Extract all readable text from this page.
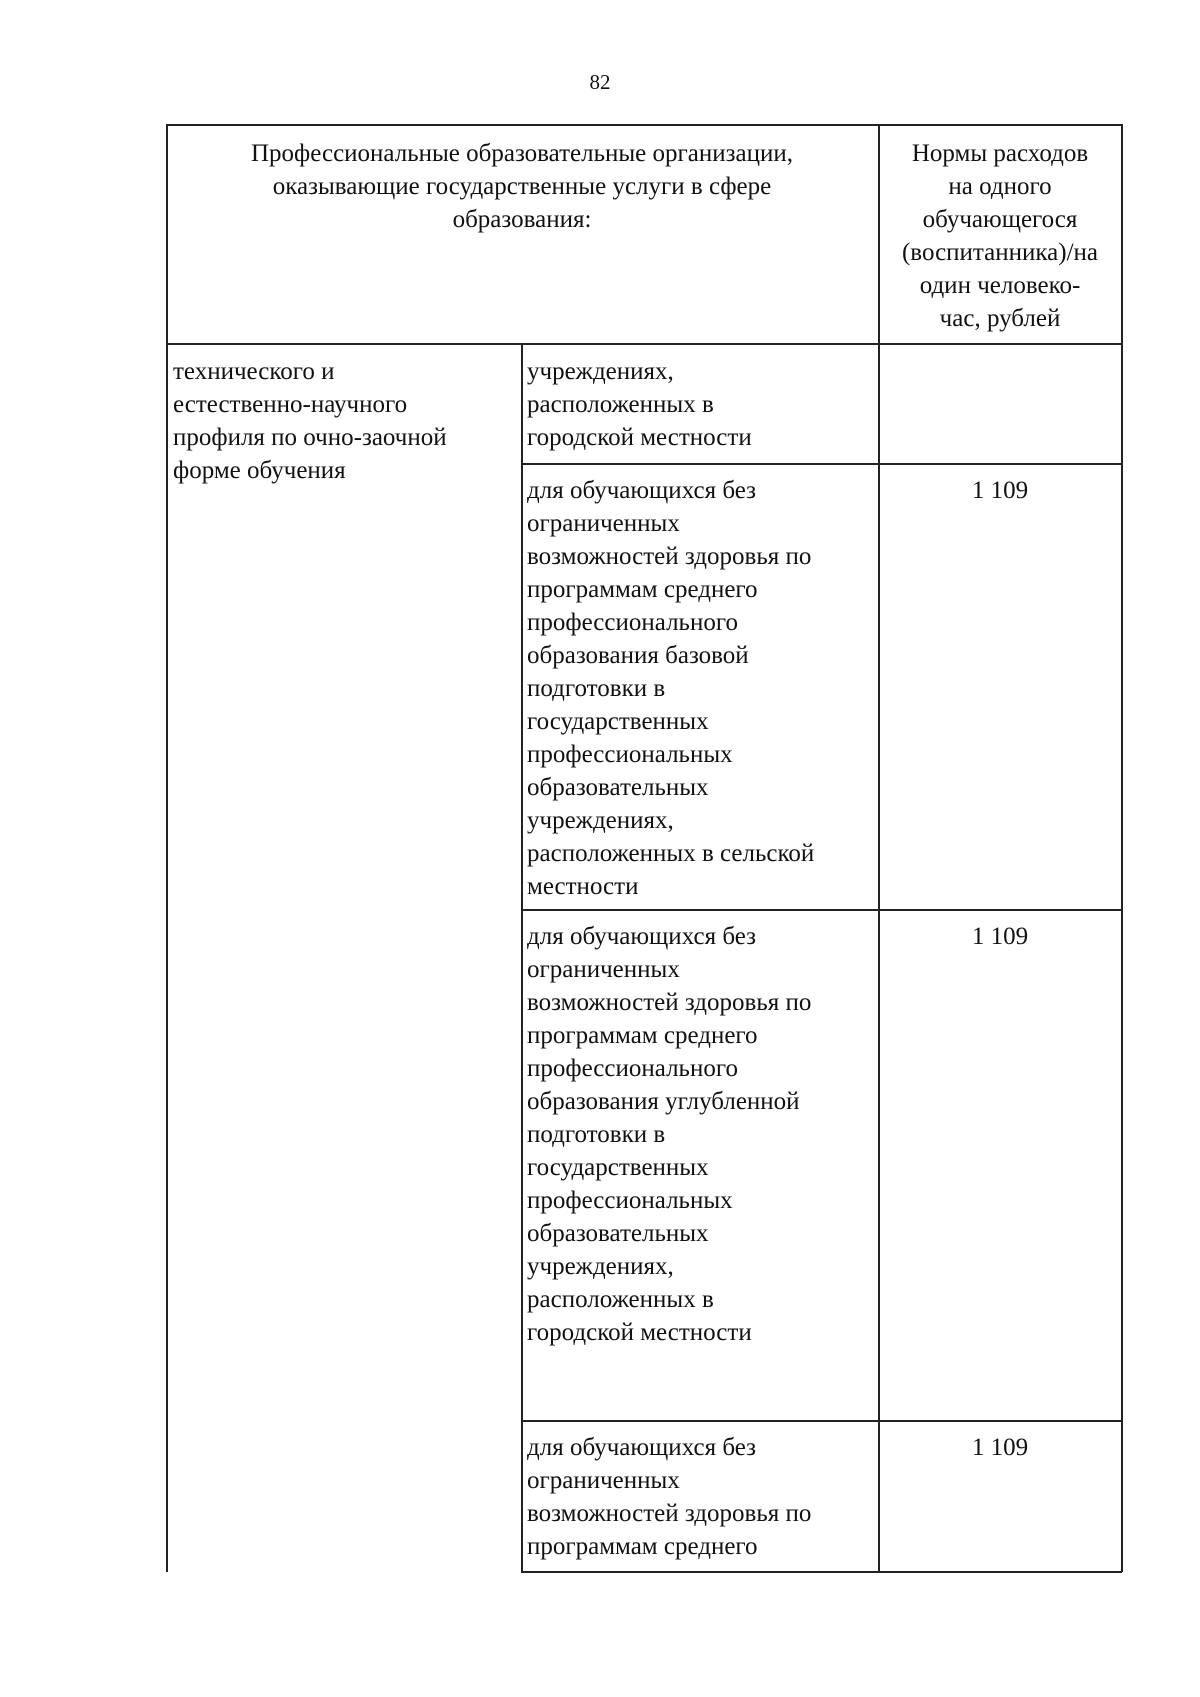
82
Профессиональные образовательные организации,
оказывающие государственные услуги в сфере
образования:
Нормы расходов
на одного
обучающегося
(воспитанника)/на
один человеко-
час, рублей
технического и
естественно-научного
профиля по очно-заочной
форме обучения
учреждениях,
расположенных в
городской местности
для обучающихся без
ограниченных
возможностей здоровья по
программам среднего
профессионального
образования базовой
подготовки в
государственных
профессиональных
образовательных
учреждениях,
расположенных в сельской
местности
1 109
для обучающихся без
ограниченных
возможностей здоровья по
программам среднего
профессионального
образования углубленной
подготовки в
государственных
профессиональных
образовательных
учреждениях,
расположенных в
городской местности
1 109
для обучающихся без
ограниченных
возможностей здоровья по
программам среднего
1 109
